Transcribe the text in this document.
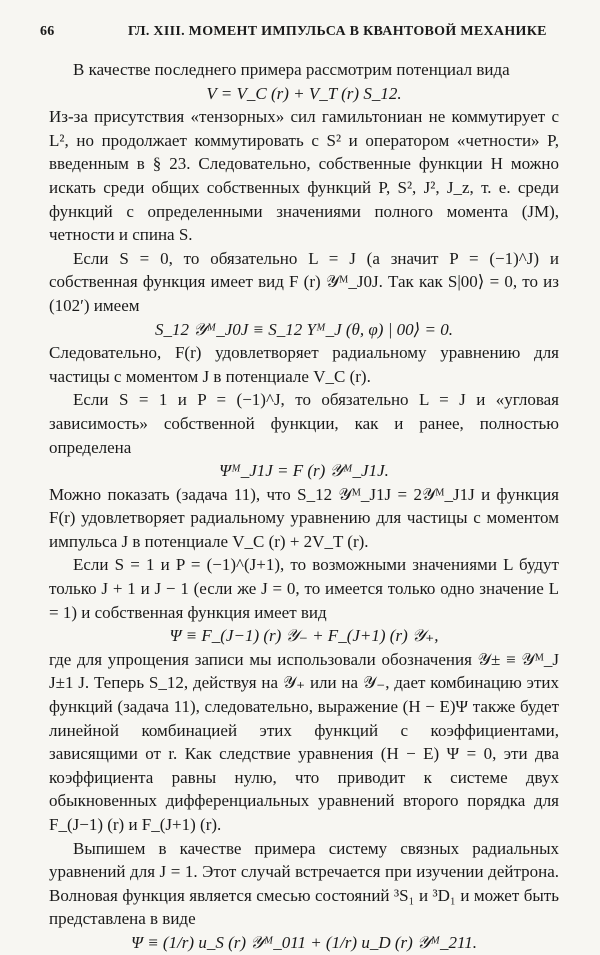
66	ГЛ. XIII. МОМЕНТ ИМПУЛЬСА В КВАНТОВОЙ МЕХАНИКЕ

В качестве последнего примера рассмотрим потенциал вида

V = V_C (r) + V_T (r) S_12.

Из-за присутствия «тензорных» сил гамильтониан не коммутирует с L², но продолжает коммутировать с S² и оператором «четности» P, введенным в § 23. Следовательно, собственные функции H можно искать среди общих собственных функций P, S², J², J_z, т. е. среди функций с определенными значениями полного момента (JM), четности и спина S.

Если S = 0, то обязательно L = J (а значит P = (−1)^J) и собственная функция имеет вид F (r) 𝒴ᴹ_J0J. Так как S|00⟩ = 0, то из (102′) имеем

S_12 𝒴ᴹ_J0J ≡ S_12 Yᴹ_J (θ, φ) | 00⟩ = 0.

Следовательно, F(r) удовлетворяет радиальному уравнению для частицы с моментом J в потенциале V_C (r).

Если S = 1 и P = (−1)^J, то обязательно L = J и «угловая зависимость» собственной функции, как и ранее, полностью определена

Ψᴹ_J1J = F (r) 𝒴ᴹ_J1J.

Можно показать (задача 11), что S_12 𝒴ᴹ_J1J = 2𝒴ᴹ_J1J и функция F(r) удовлетворяет радиальному уравнению для частицы с моментом импульса J в потенциале V_C (r) + 2V_T (r).

Если S = 1 и P = (−1)^(J+1), то возможными значениями L будут только J + 1 и J − 1 (если же J = 0, то имеется только одно значение L = 1) и собственная функция имеет вид

Ψ ≡ F_(J−1) (r) 𝒴₋ + F_(J+1) (r) 𝒴₊,

где для упрощения записи мы использовали обозначения 𝒴± ≡ 𝒴ᴹ_J J±1 J. Теперь S_12, действуя на 𝒴₊ или на 𝒴₋, дает комбинацию этих функций (задача 11), следовательно, выражение (H − E)Ψ также будет линейной комбинацией этих функций с коэффициентами, зависящими от r. Как следствие уравнения (H − E) Ψ = 0, эти два коэффициента равны нулю, что приводит к системе двух обыкновенных дифференциальных уравнений второго порядка для F_(J−1) (r) и F_(J+1) (r).

Выпишем в качестве примера систему связных радиальных уравнений для J = 1. Этот случай встречается при изучении дейтрона. Волновая функция является смесью состояний ³S₁ и ³D₁ и может быть представлена в виде

Ψ ≡ (1/r) u_S (r) 𝒴ᴹ_011 + (1/r) u_D (r) 𝒴ᴹ_211.
